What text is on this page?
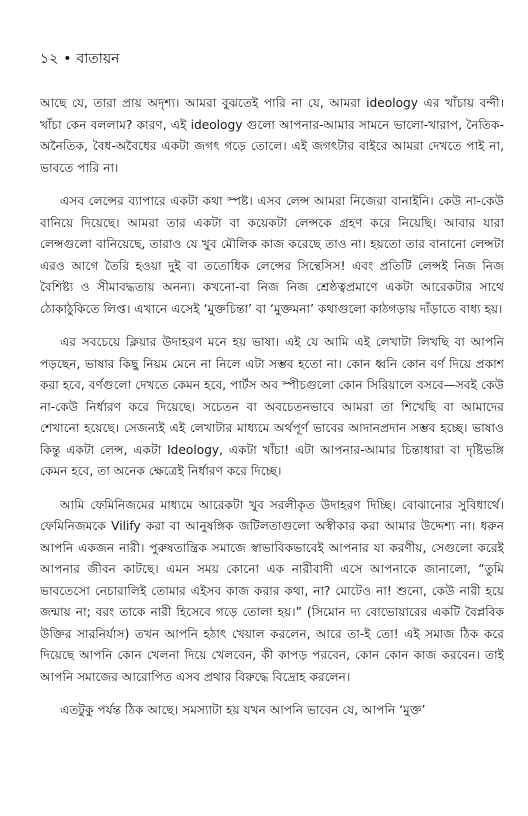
১২ • বাতায়ন

আছে যে, তারা প্রায় অদৃশ্য। আমরা বুঝতেই পারি না যে, আমরা ideology এর খাঁচায় বন্দী। খাঁচা কেন বললাম? কারণ, এই ideology গুলো আপনার-আমার সামনে ভালো-খারাপ, নৈতিক-অনৈতিক, বৈধ-অবৈধের একটা জগৎ গড়ে তোলে। এই জগৎটার বাইরে আমরা দেখতে পাই না, ভাবতে পারি না।

এসব লেন্সের ব্যাপারে একটা কথা স্পষ্ট। এসব লেন্স আমরা নিজেরা বানাইনি। কেউ না-কেউ বানিয়ে দিয়েছে। আমরা তার একটা বা কয়েকটা লেন্সকে গ্রহণ করে নিয়েছি। আবার যারা লেন্সগুলো বানিয়েছে, তারাও যে খুব মৌলিক কাজ করেছে তাও না। হয়তো তার বানানো লেন্সটা এরও আগে তৈরি হওয়া দুই বা ততোধিক লেন্সের সিন্থেসিস! এবং প্রতিটি লেন্সই নিজ নিজ বৈশিষ্ট্য ও সীমাবদ্ধতায় অনন্য। কখনো-বা নিজ নিজ শ্রেষ্ঠত্বপ্রমাণে একটা আরেকটার সাথে ঠোকাঠুকিতে লিপ্ত। এখানে এসেই ‘মুক্তচিন্তা’ বা ‘মুক্তমনা’ কথাগুলো কাঠগড়ায় দাঁড়াতে বাধ্য হয়।

এর সবচেয়ে ক্লিয়ার উদাহরণ মনে হয় ভাষা। এই যে আমি এই লেখাটা লিখছি বা আপনি পড়ছেন, ভাষার কিছু নিয়ম মেনে না নিলে এটা সম্ভব হতো না। কোন ধ্বনি কোন বর্ণ দিয়ে প্রকাশ করা হবে, বর্ণগুলো দেখতে কেমন হবে, পার্টস অব স্পীচগুলো কোন সিরিয়ালে বসবে—সবই কেউ না-কেউ নির্ধারণ করে দিয়েছে। সচেতন বা অবচেতনভাবে আমরা তা শিখেছি বা আমাদের শেখানো হয়েছে। সেজন্যই এই লেখাটার মাধ্যমে অর্থপূর্ণ ভাবের আদানপ্রদান সম্ভব হচ্ছে। ভাষাও কিন্তু একটা লেন্স, একটা Ideology, একটা খাঁচা! এটা আপনার-আমার চিন্তাধারা বা দৃষ্টিভঙ্গি কেমন হবে, তা অনেক ক্ষেত্রেই নির্ধারণ করে দিচ্ছে।

আমি ফেমিনিজমের মাধ্যমে আরেকটা খুব সরলীকৃত উদাহরণ দিচ্ছি। বোঝানোর সুবিধার্থে। ফেমিনিজমকে Vilify করা বা আনুষঙ্গিক জটিলতাগুলো অস্বীকার করা আমার উদ্দেশ্য না। ধরুন আপনি একজন নারী। পুরুষতান্ত্রিক সমাজে স্বাভাবিকভাবেই আপনার যা করণীয়, সেগুলো করেই আপনার জীবন কাটছে। এমন সময় কোনো এক নারীবাদী এসে আপনাকে জানালো, “তুমি ভাবতেসো নেচারালিই তোমার এইসব কাজ করার কথা, না? মোটেও না! শুনো, কেউ নারী হয়ে জন্মায় না; বরং তাকে নারী হিসেবে গড়ে তোলা হয়।” (সিমোন দ্য বোভোয়ারের একটি বৈপ্লবিক উক্তির সারনির্যাস) তখন আপনি হঠাৎ খেয়াল করলেন, আরে তা-ই তো! এই সমাজ ঠিক করে দিয়েছে আপনি কোন খেলনা দিয়ে খেলবেন, কী কাপড় পরবেন, কোন কোন কাজ করবেন। তাই আপনি সমাজের আরোপিত এসব প্রথার বিরুদ্ধে বিদ্রোহ করলেন।

এতটুকু পর্যন্ত ঠিক আছে। সমস্যাটা হয় যখন আপনি ভাবেন যে, আপনি ‘মুক্ত’
